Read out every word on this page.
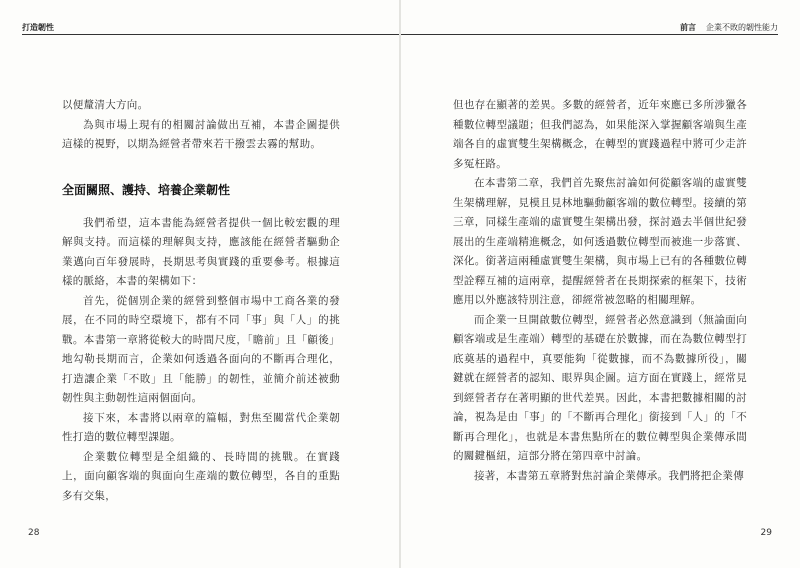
打造韌性

以便釐清大方向。

為與市場上現有的相關討論做出互補，本書企圖提供這樣的視野，以期為經營者帶來若干撥雲去霧的幫助。

全面關照、護持、培養企業韌性

我們希望，這本書能為經營者提供一個比較宏觀的理解與支持。而這樣的理解與支持，應該能在經營者驅動企業邁向百年發展時，長期思考與實踐的重要參考。根據這樣的脈絡，本書的架構如下：

首先，從個別企業的經營到整個市場中工商各業的發展，在不同的時空環境下，都有不同「事」與「人」的挑戰。本書第一章將從較大的時間尺度，「瞻前」且「顧後」地勾勒長期而言，企業如何透過各面向的不斷再合理化，打造讓企業「不敗」且「能勝」的韌性，並簡介前述被動韌性與主動韌性這兩個面向。

接下來，本書將以兩章的篇幅，對焦至關當代企業韌性打造的數位轉型課題。

企業數位轉型是全組織的、長時間的挑戰。在實踐上，面向顧客端的與面向生產端的數位轉型，各自的重點多有交集，

28
前言 企業不敗的韌性能力

但也存在顯著的差異。多數的經營者，近年來應已多所涉獵各種數位轉型議題；但我們認為，如果能深入掌握顧客端與生產端各自的虛實雙生架構概念，在轉型的實踐過程中將可少走許多冤枉路。

在本書第二章，我們首先聚焦討論如何從顧客端的虛實雙生架構理解，見模且見林地驅動顧客端的數位轉型。接續的第三章，同樣生產端的虛實雙生架構出發，探討過去半個世紀發展出的生產端精進概念，如何透過數位轉型而被進一步落實、深化。銜著這兩種虛實雙生架構，與市場上已有的各種數位轉型詮釋互補的這兩章，提醒經營者在長期探索的框架下，技術應用以外應該特別注意，卻經常被忽略的相關理解。

而企業一旦開啟數位轉型，經營者必然意識到（無論面向顧客端或是生產端）轉型的基礎在於數據，而在為數位轉型打底奠基的過程中，真要能夠「從數據，而不為數據所役」，關鍵就在經營者的認知、眼界與企圖。這方面在實踐上，經常見到經營者存在著明顯的世代差異。因此，本書把數據相關的討論，視為是由「事」的「不斷再合理化」銜接到「人」的「不斷再合理化」，也就是本書焦點所在的數位轉型與企業傳承間的關鍵樞紐，這部分將在第四章中討論。

接著，本書第五章將對焦討論企業傳承。我們將把企業傳

29
